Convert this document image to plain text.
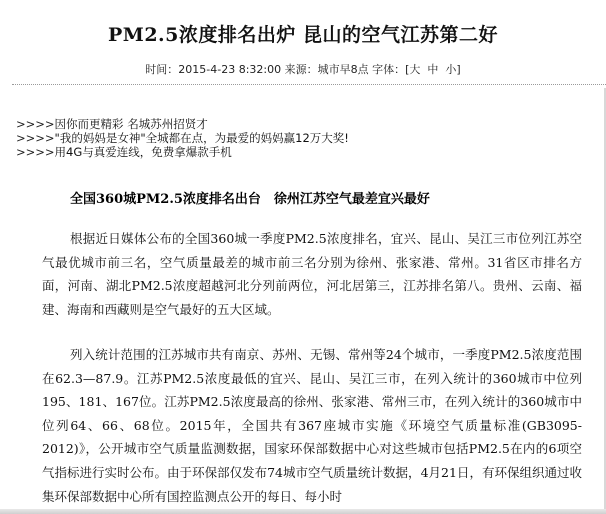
PM2.5浓度排名出炉 昆山的空气江苏第二好
时间：2015-4-23 8:32:00 来源：城市早8点 字体：[大 中 小]
>>>>因你而更精彩 名城苏州招贤才
>>>>"我的妈妈是女神"全城都在点，为最爱的妈妈赢12万大奖!
>>>>用4G与真爱连线，免费拿爆款手机
全国360城PM2.5浓度排名出台　徐州江苏空气最差宜兴最好

根据近日媒体公布的全国360城一季度PM2.5浓度排名，宜兴、昆山、吴江三市位列江苏空气最优城市前三名，空气质量最差的城市前三名分别为徐州、张家港、常州。31省区市排名方面，河南、湖北PM2.5浓度超越河北分列前两位，河北居第三，江苏排名第八。贵州、云南、福建、海南和西藏则是空气最好的五大区域。

列入统计范围的江苏城市共有南京、苏州、无锡、常州等24个城市，一季度PM2.5浓度范围在62.3—87.9。江苏PM2.5浓度最低的宜兴、昆山、吴江三市，在列入统计的360城市中位列195、181、167位。江苏PM2.5浓度最高的徐州、张家港、常州三市，在列入统计的360城市中位列64、66、68位。2015年，全国共有367座城市实施《环境空气质量标准(GB3095-2012)》，公开城市空气质量监测数据，国家环保部数据中心对这些城市包括PM2.5在内的6项空气指标进行实时公布。由于环保部仅发布74城市空气质量统计数据，4月21日，有环保组织通过收集环保部数据中心所有国控监测点公开的每日、每小时
